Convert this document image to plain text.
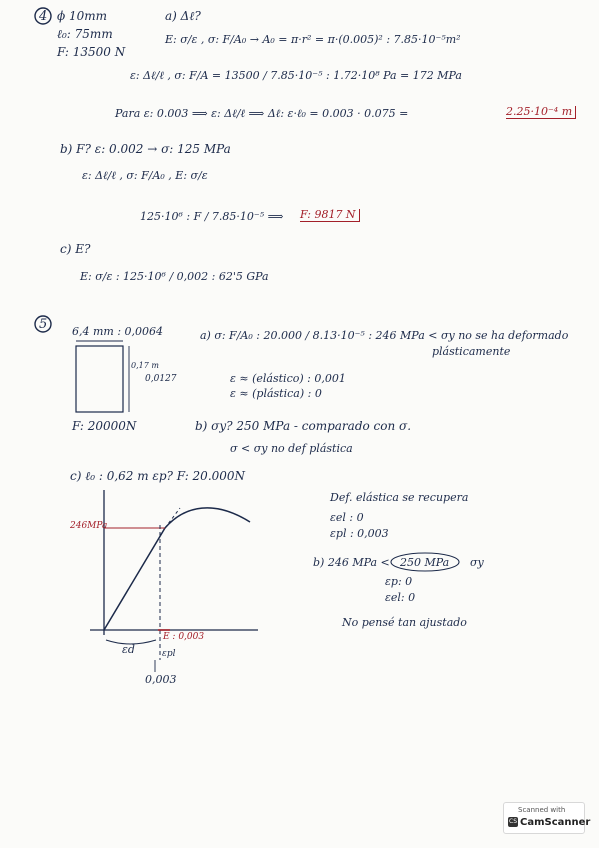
4 ϕ 10mm
ℓ₀: 75mm
F: 13500 N
a) Δℓ?
E: σ/ε , σ: F/A₀ → A₀ = π·r² = π·(0.005)² : 7.85·10⁻⁵m²
ε: Δℓ/ℓ , σ: F/A = 13500 / 7.85·10⁻⁵ : 1.72·10⁸ Pa = 172 MPa
Para ε: 0.003 ⟹ ε: Δℓ/ℓ ⟹ Δℓ: ε·ℓ₀ = 0.003 · 0.075 =	2.25·10⁻⁴ m
b) F? ε: 0.002 → σ: 125 MPa
ε: Δℓ/ℓ , σ: F/A₀ , E: σ/ε
125·10⁶ : F / 7.85·10⁻⁵ ⟹ F: 9817 N
c) E?
E: σ/ε : 125·10⁶ / 0,002 : 62'5 GPa
5 6,4 mm : 0,0064
0,17 m
0,0127
F: 20000N
a) σ: F/A₀ : 20.000 / 8.13·10⁻⁵ : 246 MPa < σy no se ha deformado
plásticamente
ε ≈ (elástico) : 0,001
ε ≈ (plástica) : 0
b) σy? 250 MPa - comparado con σ.
σ < σy no def plástica
c) ℓ₀ : 0,62 m εp? F: 20.000N
Def. elástica se recupera
εel : 0
εpl : 0,003
b) 246 MPa < 250 MPa σy
εp: 0
εel: 0
No pensé tan ajustado
246MPa
E : 0,003
εd	εpl
0,003
Scanned with
CS CamScanner
